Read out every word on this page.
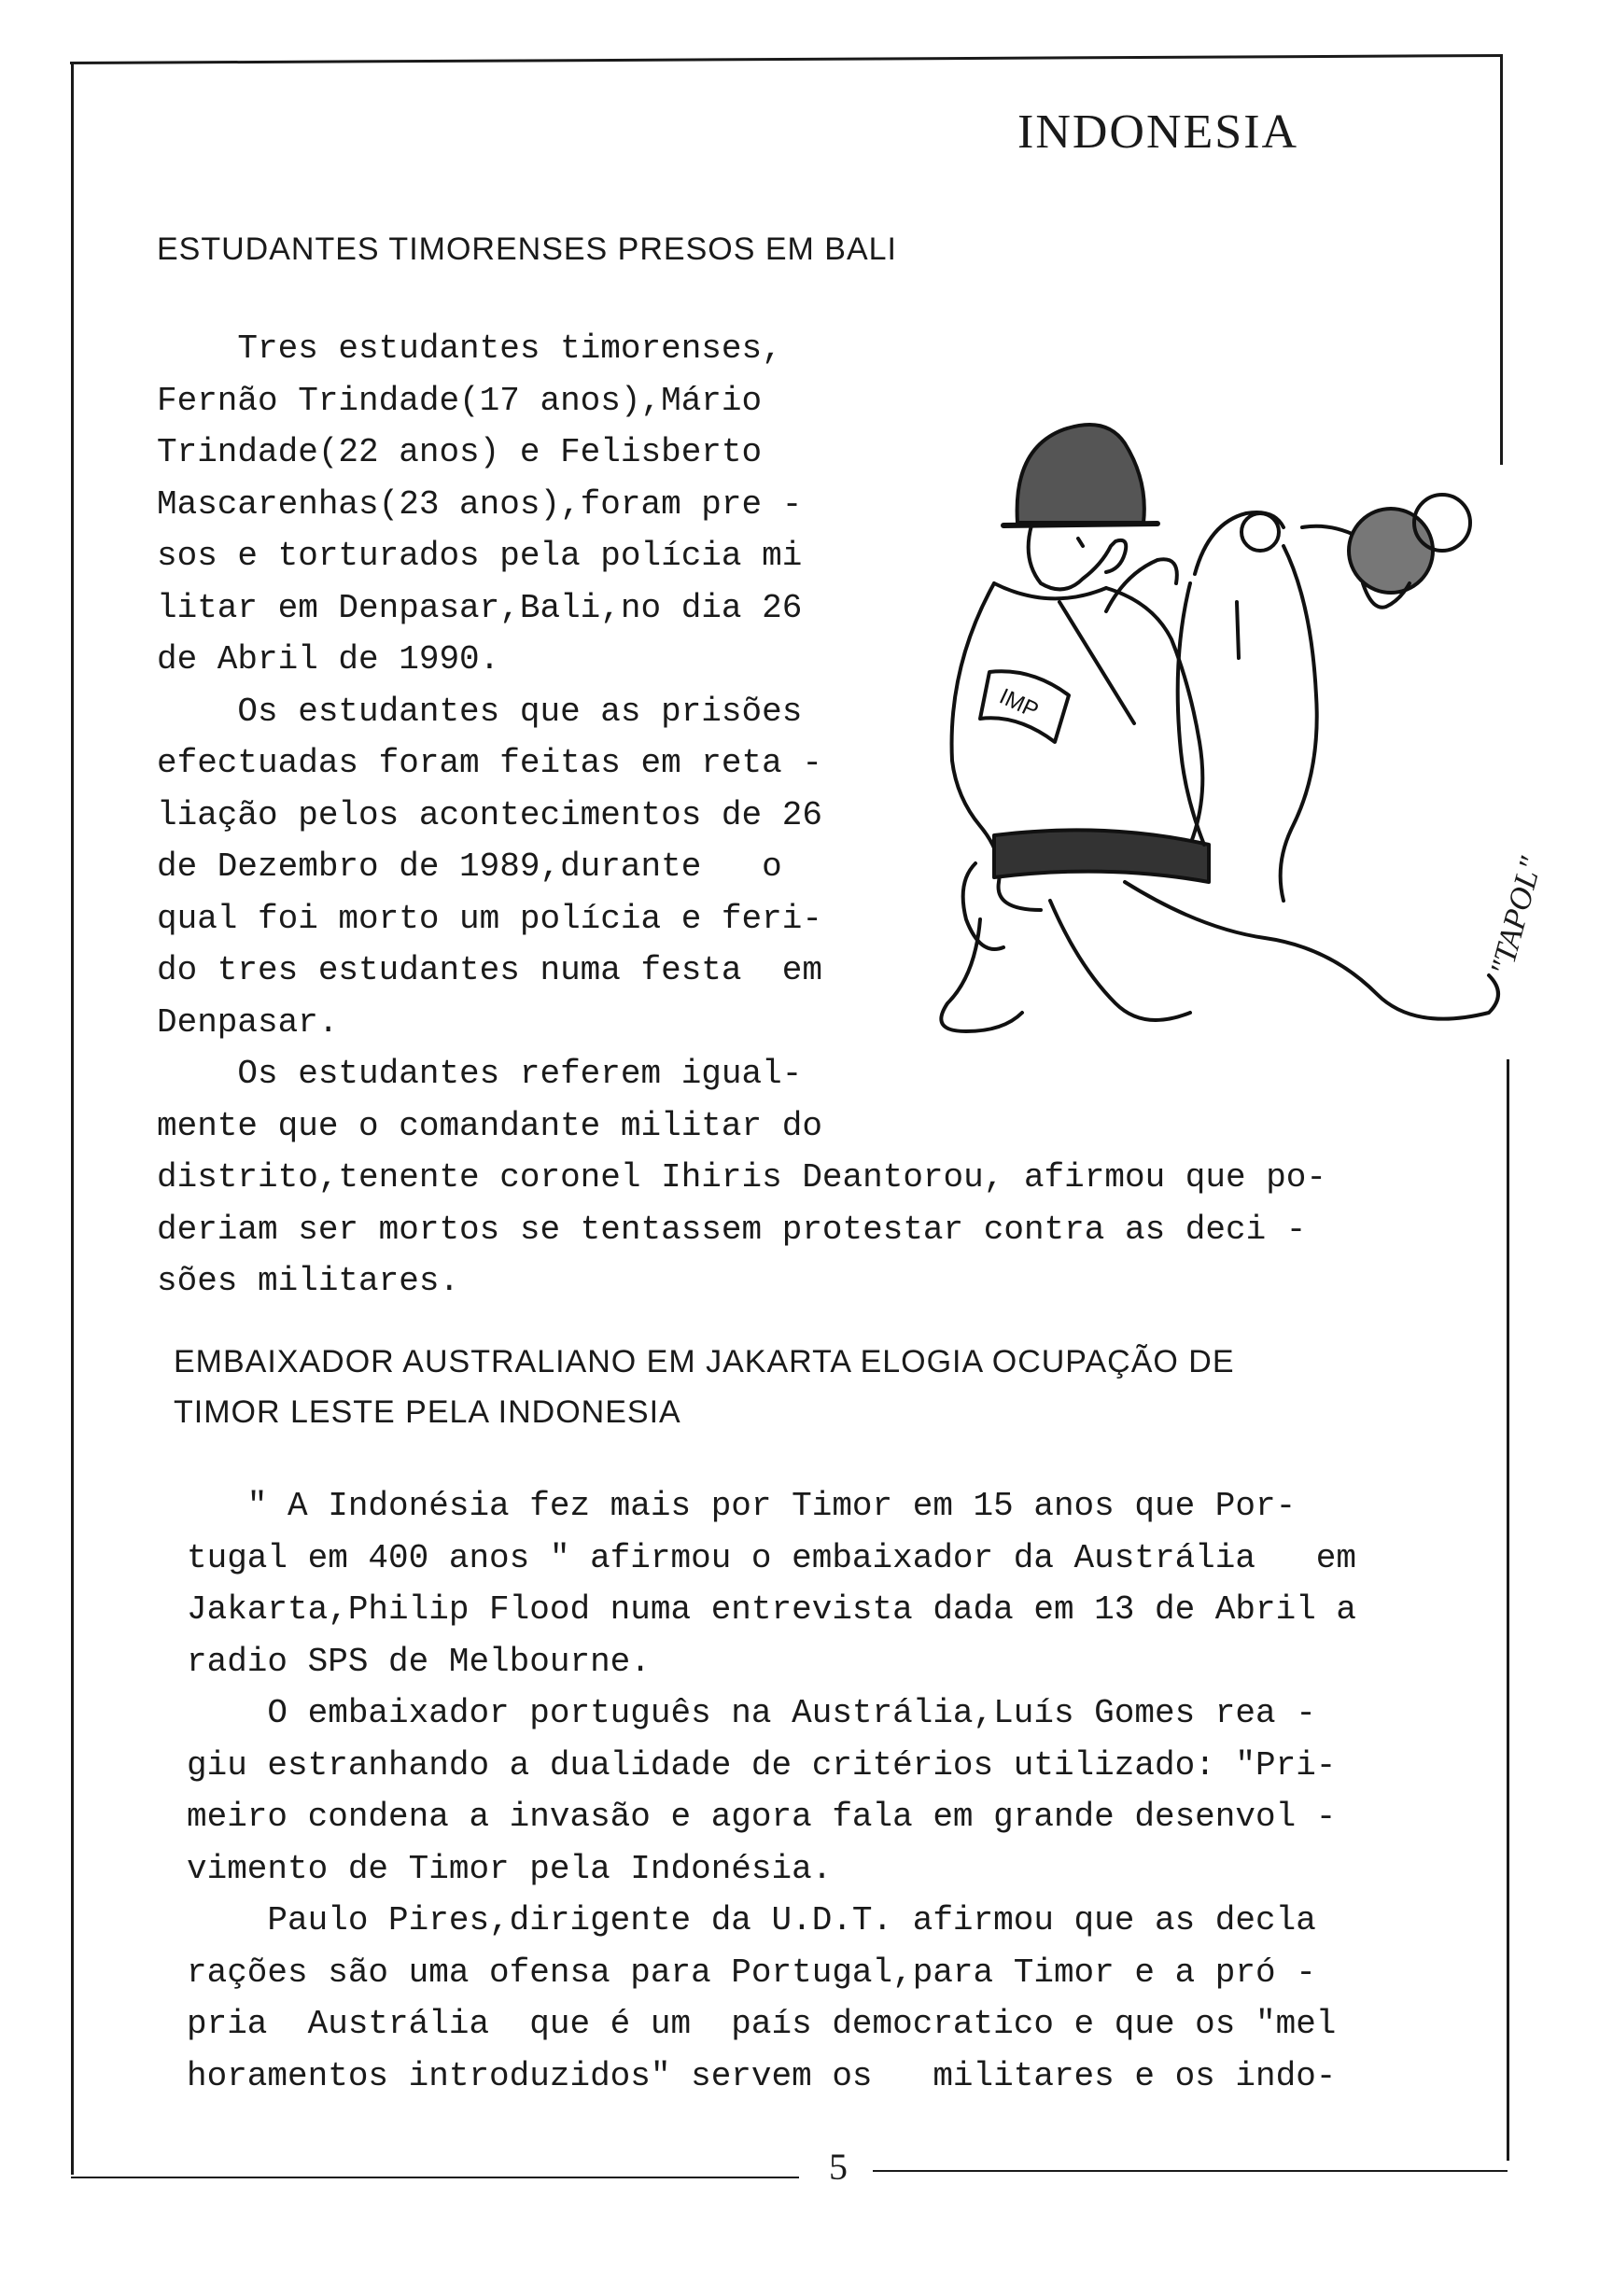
INDONESIA
ESTUDANTES TIMORENSES PRESOS EM BALI
Tres estudantes timorenses,
Fernão Trindade(17 anos),Mário
Trindade(22 anos) e Felisberto
Mascarenhas(23 anos),foram pre -
sos e torturados pela polícia mi
litar em Denpasar,Bali,no dia 26
de Abril de 1990.
Os estudantes que as prisões
efectuadas foram feitas em reta -
liação pelos acontecimentos de 26
de Dezembro de 1989,durante   o
qual foi morto um polícia e feri-
do tres estudantes numa festa  em
Denpasar.
Os estudantes referem igual-
mente que o comandante militar do
distrito,tenente coronel Ihiris Deantorou, afirmou que po-
deriam ser mortos se tentassem protestar contra as deci -
sões militares.
IMP
"TAPOL"
EMBAIXADOR AUSTRALIANO EM JAKARTA ELOGIA OCUPAÇÃO DE
TIMOR LESTE PELA INDONESIA
" A Indonésia fez mais por Timor em 15 anos que Por-
tugal em 400 anos " afirmou o embaixador da Austrália   em
Jakarta,Philip Flood numa entrevista dada em 13 de Abril a
radio SPS de Melbourne.
O embaixador português na Austrália,Luís Gomes rea -
giu estranhando a dualidade de critérios utilizado: "Pri-
meiro condena a invasão e agora fala em grande desenvol -
vimento de Timor pela Indonésia.
Paulo Pires,dirigente da U.D.T. afirmou que as decla
rações são uma ofensa para Portugal,para Timor e a pró -
pria  Austrália  que é um  país democratico e que os "mel
horamentos introduzidos" servem os   militares e os indo-
5
